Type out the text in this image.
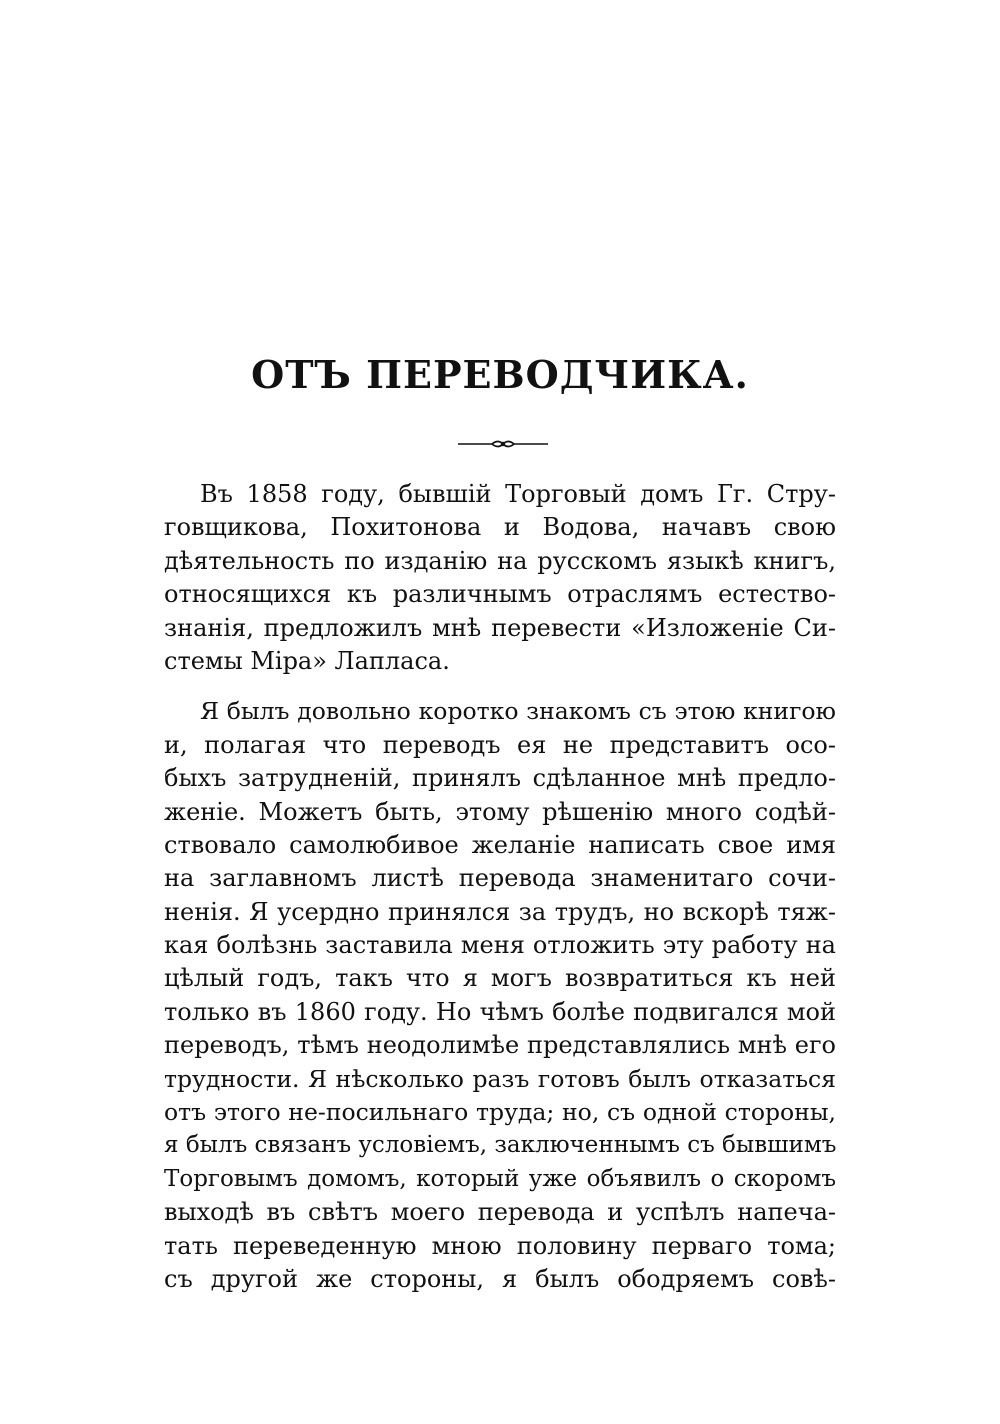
ОТЪ ПЕРЕВОДЧИКА.
Въ 1858 году, бывшій Торговый домъ Гг. Стру-
говщикова, Похитонова и Водова, начавъ свою
дѣятельность по изданію на русскомъ языкѣ книгъ,
относящихся къ различнымъ отраслямъ естество-
знанія, предложилъ мнѣ перевести «Изложеніе Си-
стемы Міра» Лапласа.
Я былъ довольно коротко знакомъ съ этою книгою
и, полагая что переводъ ея не представитъ осо-
быхъ затрудненій, принялъ сдѣланное мнѣ предло-
женіе. Можетъ быть, этому рѣшенію много содѣй-
ствовало самолюбивое желаніе написать свое имя
на заглавномъ листѣ перевода знаменитаго сочи-
ненія. Я усердно принялся за трудъ, но вскорѣ тяж-
кая болѣзнь заставила меня отложить эту работу на
цѣлый годъ, такъ что я могъ возвратиться къ ней
только въ 1860 году. Но чѣмъ болѣе подвигался мой
переводъ, тѣмъ неодолимѣе представлялись мнѣ его
трудности. Я нѣсколько разъ готовъ былъ отказаться
отъ этого не-посильнаго труда; но, съ одной стороны,
я былъ связанъ условіемъ, заключеннымъ съ бывшимъ
Торговымъ домомъ, который уже объявилъ о скоромъ
выходѣ въ свѣтъ моего перевода и успѣлъ напеча-
тать переведенную мною половину перваго тома;
съ другой же стороны, я былъ ободряемъ совѣ-
